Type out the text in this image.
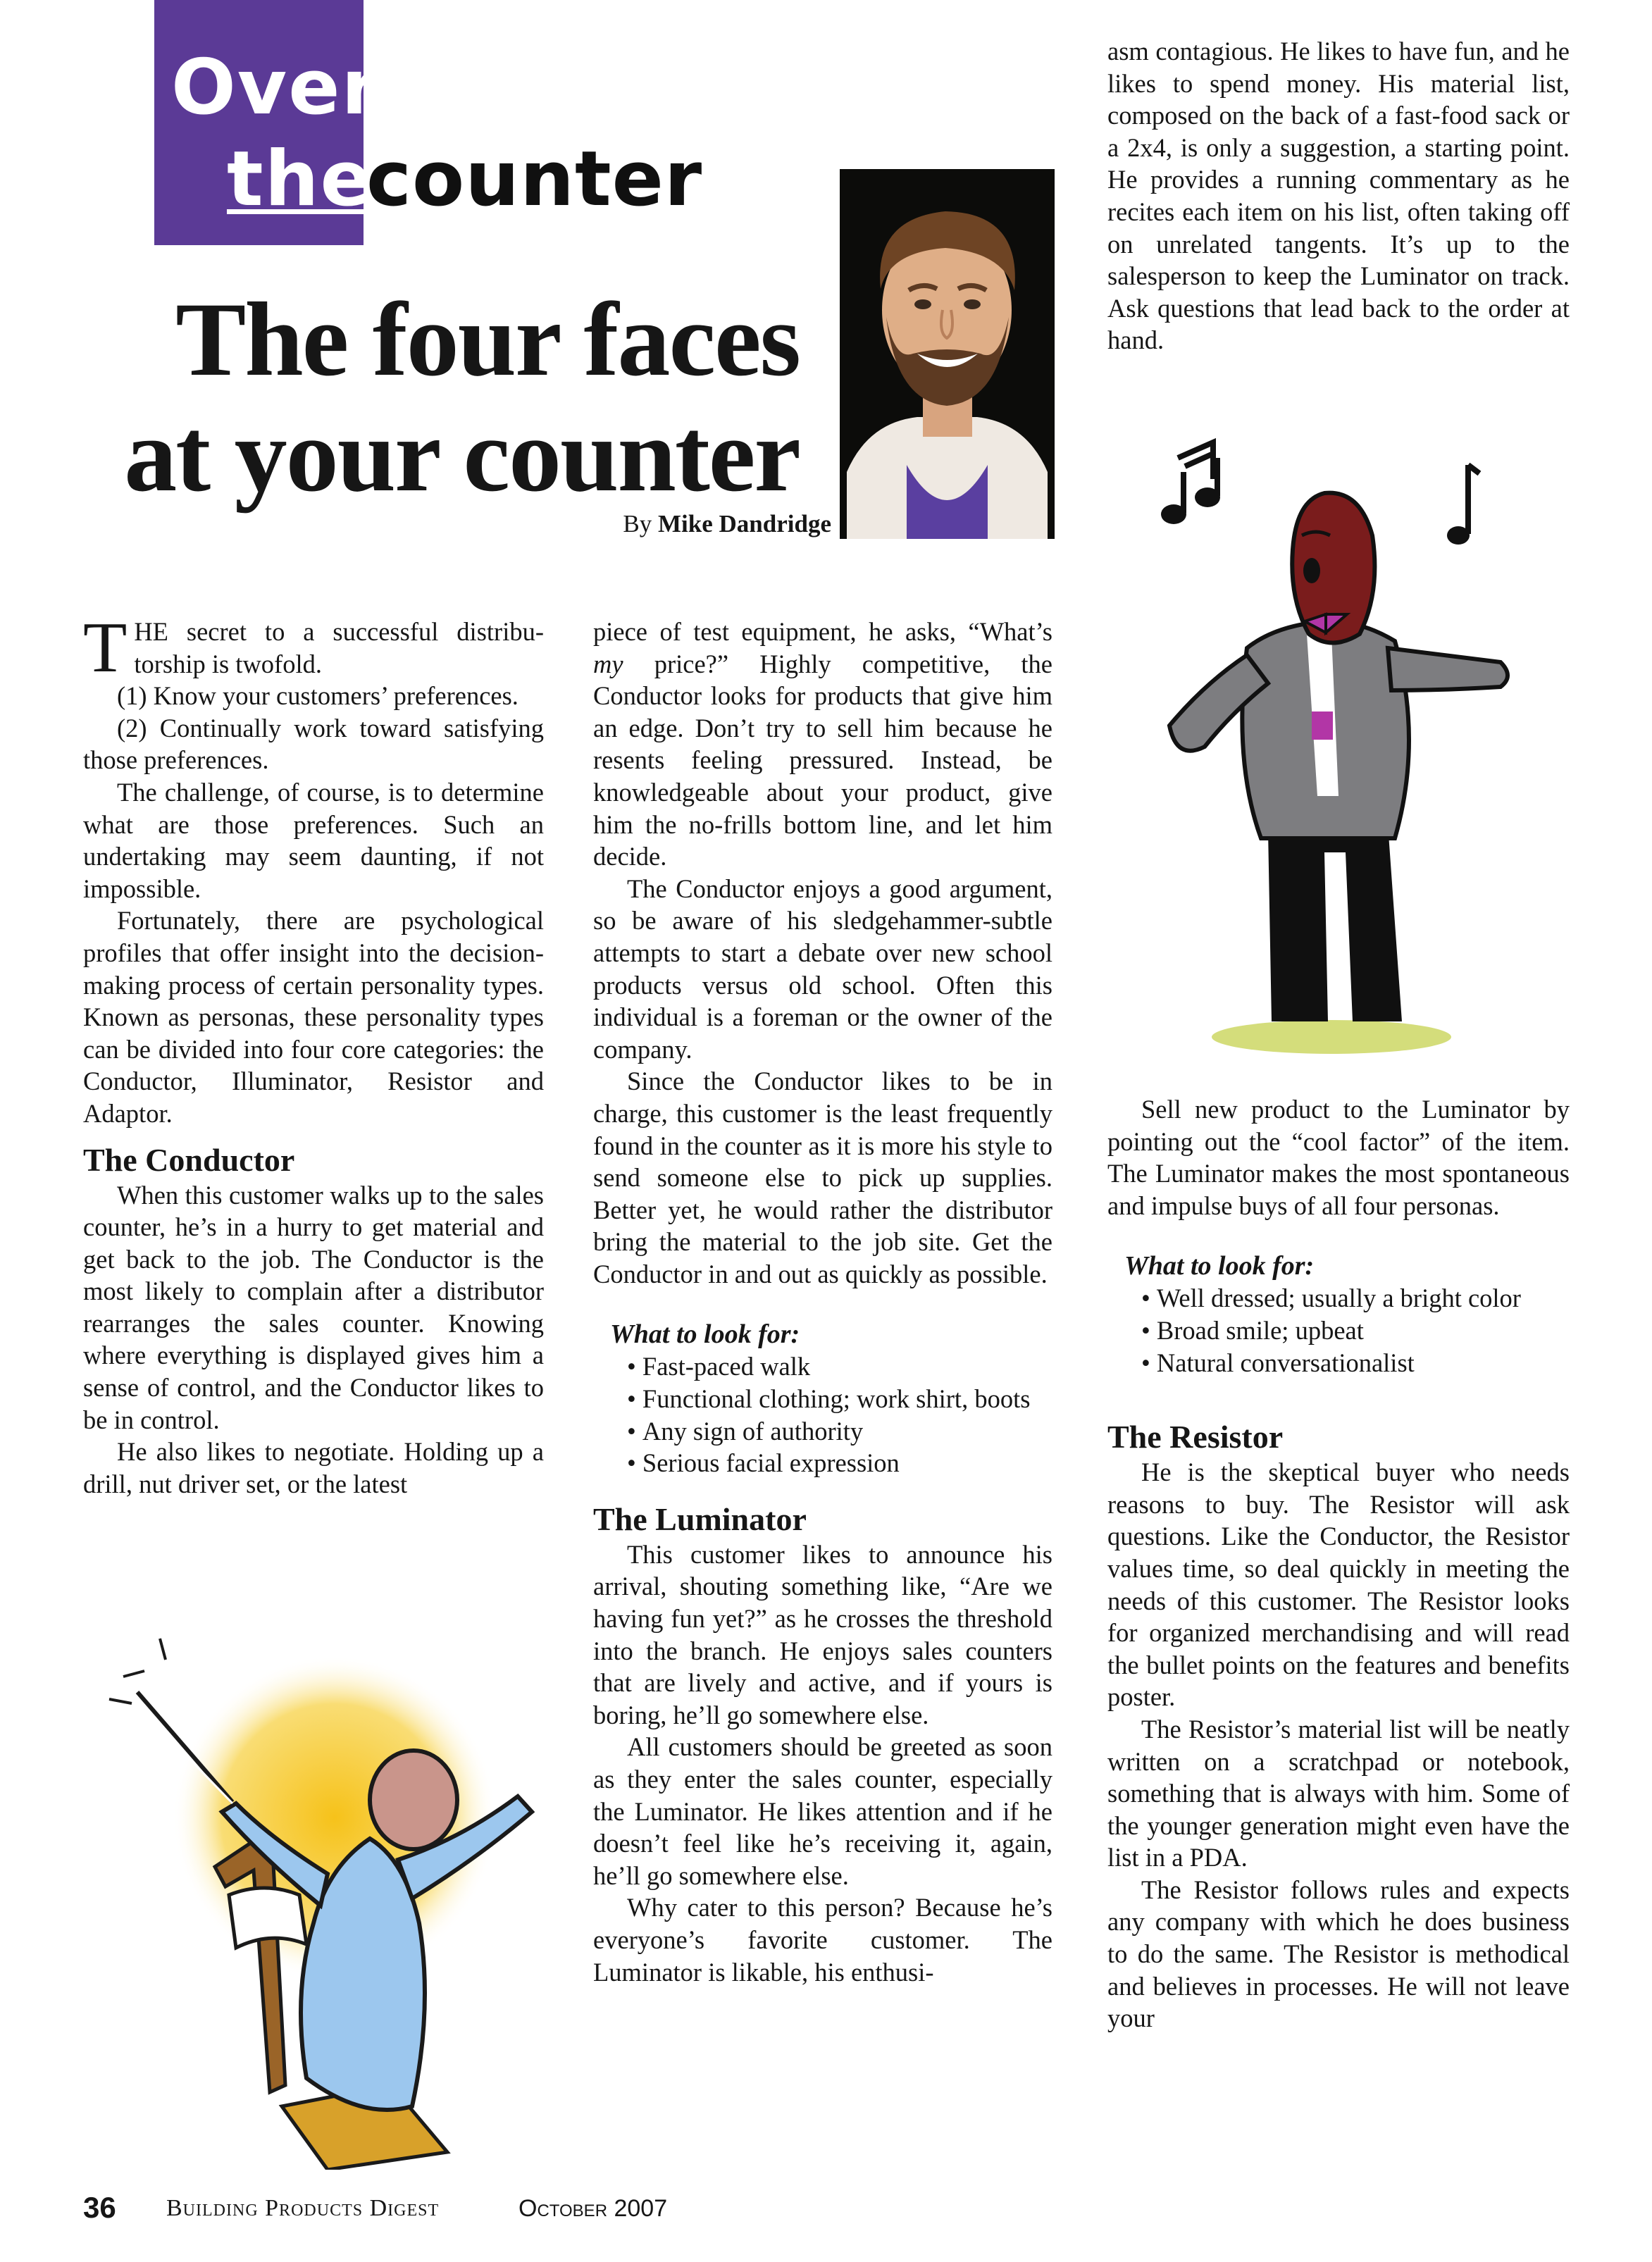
Over
the
counter
The four faces
at your counter
By Mike Dandridge

THE secret to a successful distributorship is twofold.

(1) Know your customers’ preferences.

(2) Continually work toward satisfying those preferences.

The challenge, of course, is to determine what are those preferences. Such an undertaking may seem daunting, if not impossible.

Fortunately, there are psychological profiles that offer insight into the decision-making process of certain personality types. Known as personas, these personality types can be divided into four core categories: the Conductor, Illuminator, Resistor and Adaptor.

The Conductor

When this customer walks up to the sales counter, he’s in a hurry to get material and get back to the job. The Conductor is the most likely to complain after a distributor rearranges the sales counter. Knowing where everything is displayed gives him a sense of control, and the Conductor likes to be in control.

He also likes to negotiate. Holding up a drill, nut driver set, or the latest

piece of test equipment, he asks, “What’s my price?” Highly competitive, the Conductor looks for products that give him an edge. Don’t try to sell him because he resents feeling pressured. Instead, be knowledgeable about your product, give him the no-frills bottom line, and let him decide.

The Conductor enjoys a good argument, so be aware of his sledgehammer-subtle attempts to start a debate over new school products versus old school. Often this individual is a foreman or the owner of the company.

Since the Conductor likes to be in charge, this customer is the least frequently found in the counter as it is more his style to send someone else to pick up supplies. Better yet, he would rather the distributor bring the material to the job site. Get the Conductor in and out as quickly as possible.

What to look for:
• Fast-paced walk
• Functional clothing; work shirt, boots
• Any sign of authority
• Serious facial expression
The Luminator

This customer likes to announce his arrival, shouting something like, “Are we having fun yet?” as he crosses the threshold into the branch. He enjoys sales counters that are lively and active, and if yours is boring, he’ll go somewhere else.

All customers should be greeted as soon as they enter the sales counter, especially the Luminator. He likes attention and if he doesn’t feel like he’s receiving it, again, he’ll go somewhere else.

Why cater to this person? Because he’s everyone’s favorite customer. The Luminator is likable, his enthusi-

asm contagious. He likes to have fun, and he likes to spend money. His material list, composed on the back of a fast-food sack or a 2x4, is only a suggestion, a starting point. He provides a running commentary as he recites each item on his list, often taking off on unrelated tangents. It’s up to the salesperson to keep the Luminator on track. Ask questions that lead back to the order at hand.

Sell new product to the Luminator by pointing out the “cool factor” of the item. The Luminator makes the most spontaneous and impulse buys of all four personas.

What to look for:
• Well dressed; usually a bright color
• Broad smile; upbeat
• Natural conversationalist
The Resistor

He is the skeptical buyer who needs reasons to buy. The Resistor will ask questions. Like the Conductor, the Resistor values time, so deal quickly in meeting the needs of this customer. The Resistor looks for organized merchandising and will read the bullet points on the features and benefits poster.

The Resistor’s material list will be neatly written on a scratchpad or notebook, something that is always with him. Some of the younger generation might even have the list in a PDA.

The Resistor follows rules and expects any company with which he does business to do the same. The Resistor is methodical and believes in processes. He will not leave your

36 Building Products Digest	October 2007
